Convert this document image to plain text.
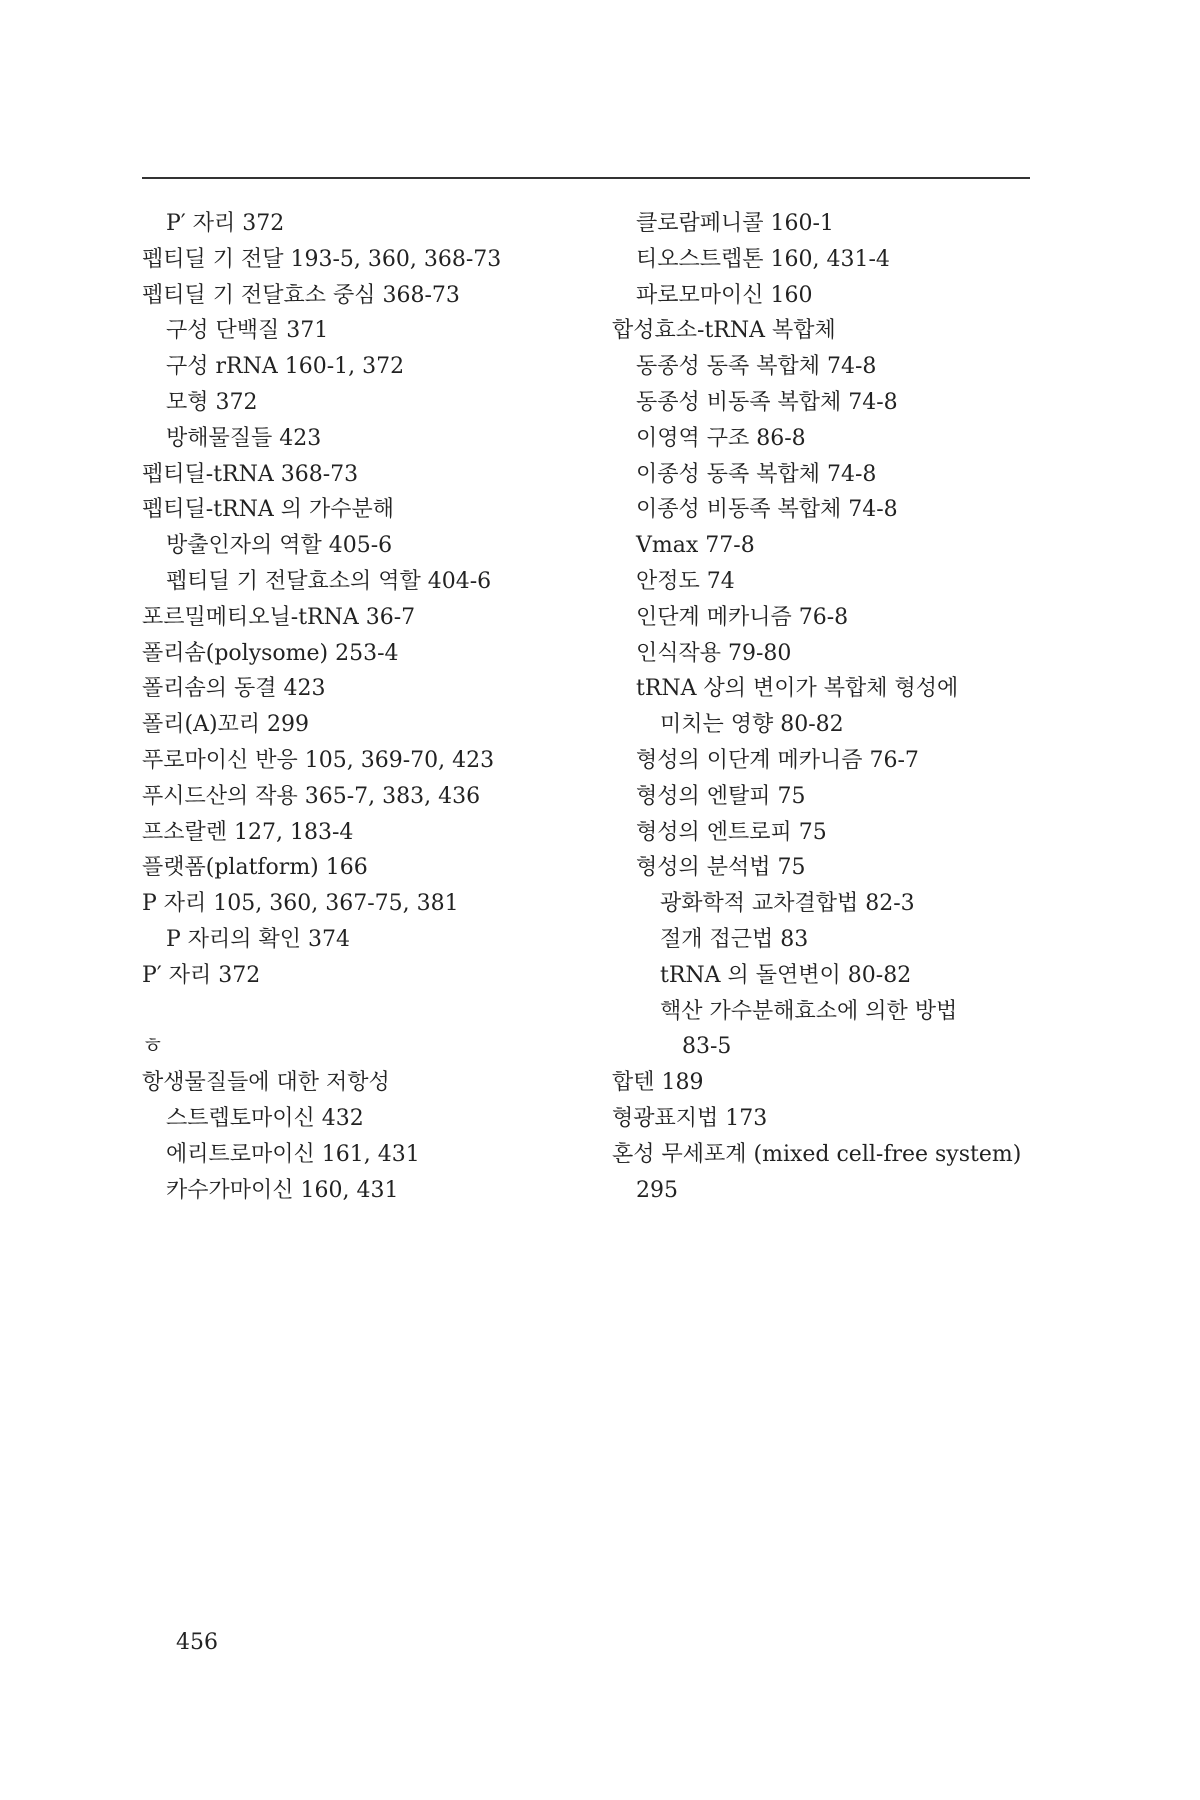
P′ 자리 372
펩티딜 기 전달 193-5, 360, 368-73
펩티딜 기 전달효소 중심 368-73
구성 단백질 371
구성 rRNA 160-1, 372
모형 372
방해물질들 423
펩티딜-tRNA 368-73
펩티딜-tRNA 의 가수분해
방출인자의 역할 405-6
펩티딜 기 전달효소의 역할 404-6
포르밀메티오닐-tRNA 36-7
폴리솜(polysome) 253-4
폴리솜의 동결 423
폴리(A)꼬리 299
푸로마이신 반응 105, 369-70, 423
푸시드산의 작용 365-7, 383, 436
프소랄렌 127, 183-4
플랫폼(platform) 166
P 자리 105, 360, 367-75, 381
P 자리의 확인 374
P′ 자리 372
ㅎ
항생물질들에 대한 저항성
스트렙토마이신 432
에리트로마이신 161, 431
카수가마이신 160, 431
클로람페니콜 160-1
티오스트렙톤 160, 431-4
파로모마이신 160
합성효소-tRNA 복합체
동종성 동족 복합체 74-8
동종성 비동족 복합체 74-8
이영역 구조 86-8
이종성 동족 복합체 74-8
이종성 비동족 복합체 74-8
Vmax 77-8
안정도 74
인단계 메카니즘 76-8
인식작용 79-80
tRNA 상의 변이가 복합체 형성에
미치는 영향 80-82
형성의 이단계 메카니즘 76-7
형성의 엔탈피 75
형성의 엔트로피 75
형성의 분석법 75
광화학적 교차결합법 82-3
절개 접근법 83
tRNA 의 돌연변이 80-82
핵산 가수분해효소에 의한 방법
83-5
합텐 189
형광표지법 173
혼성 무세포계 (mixed cell-free system)
295
456
